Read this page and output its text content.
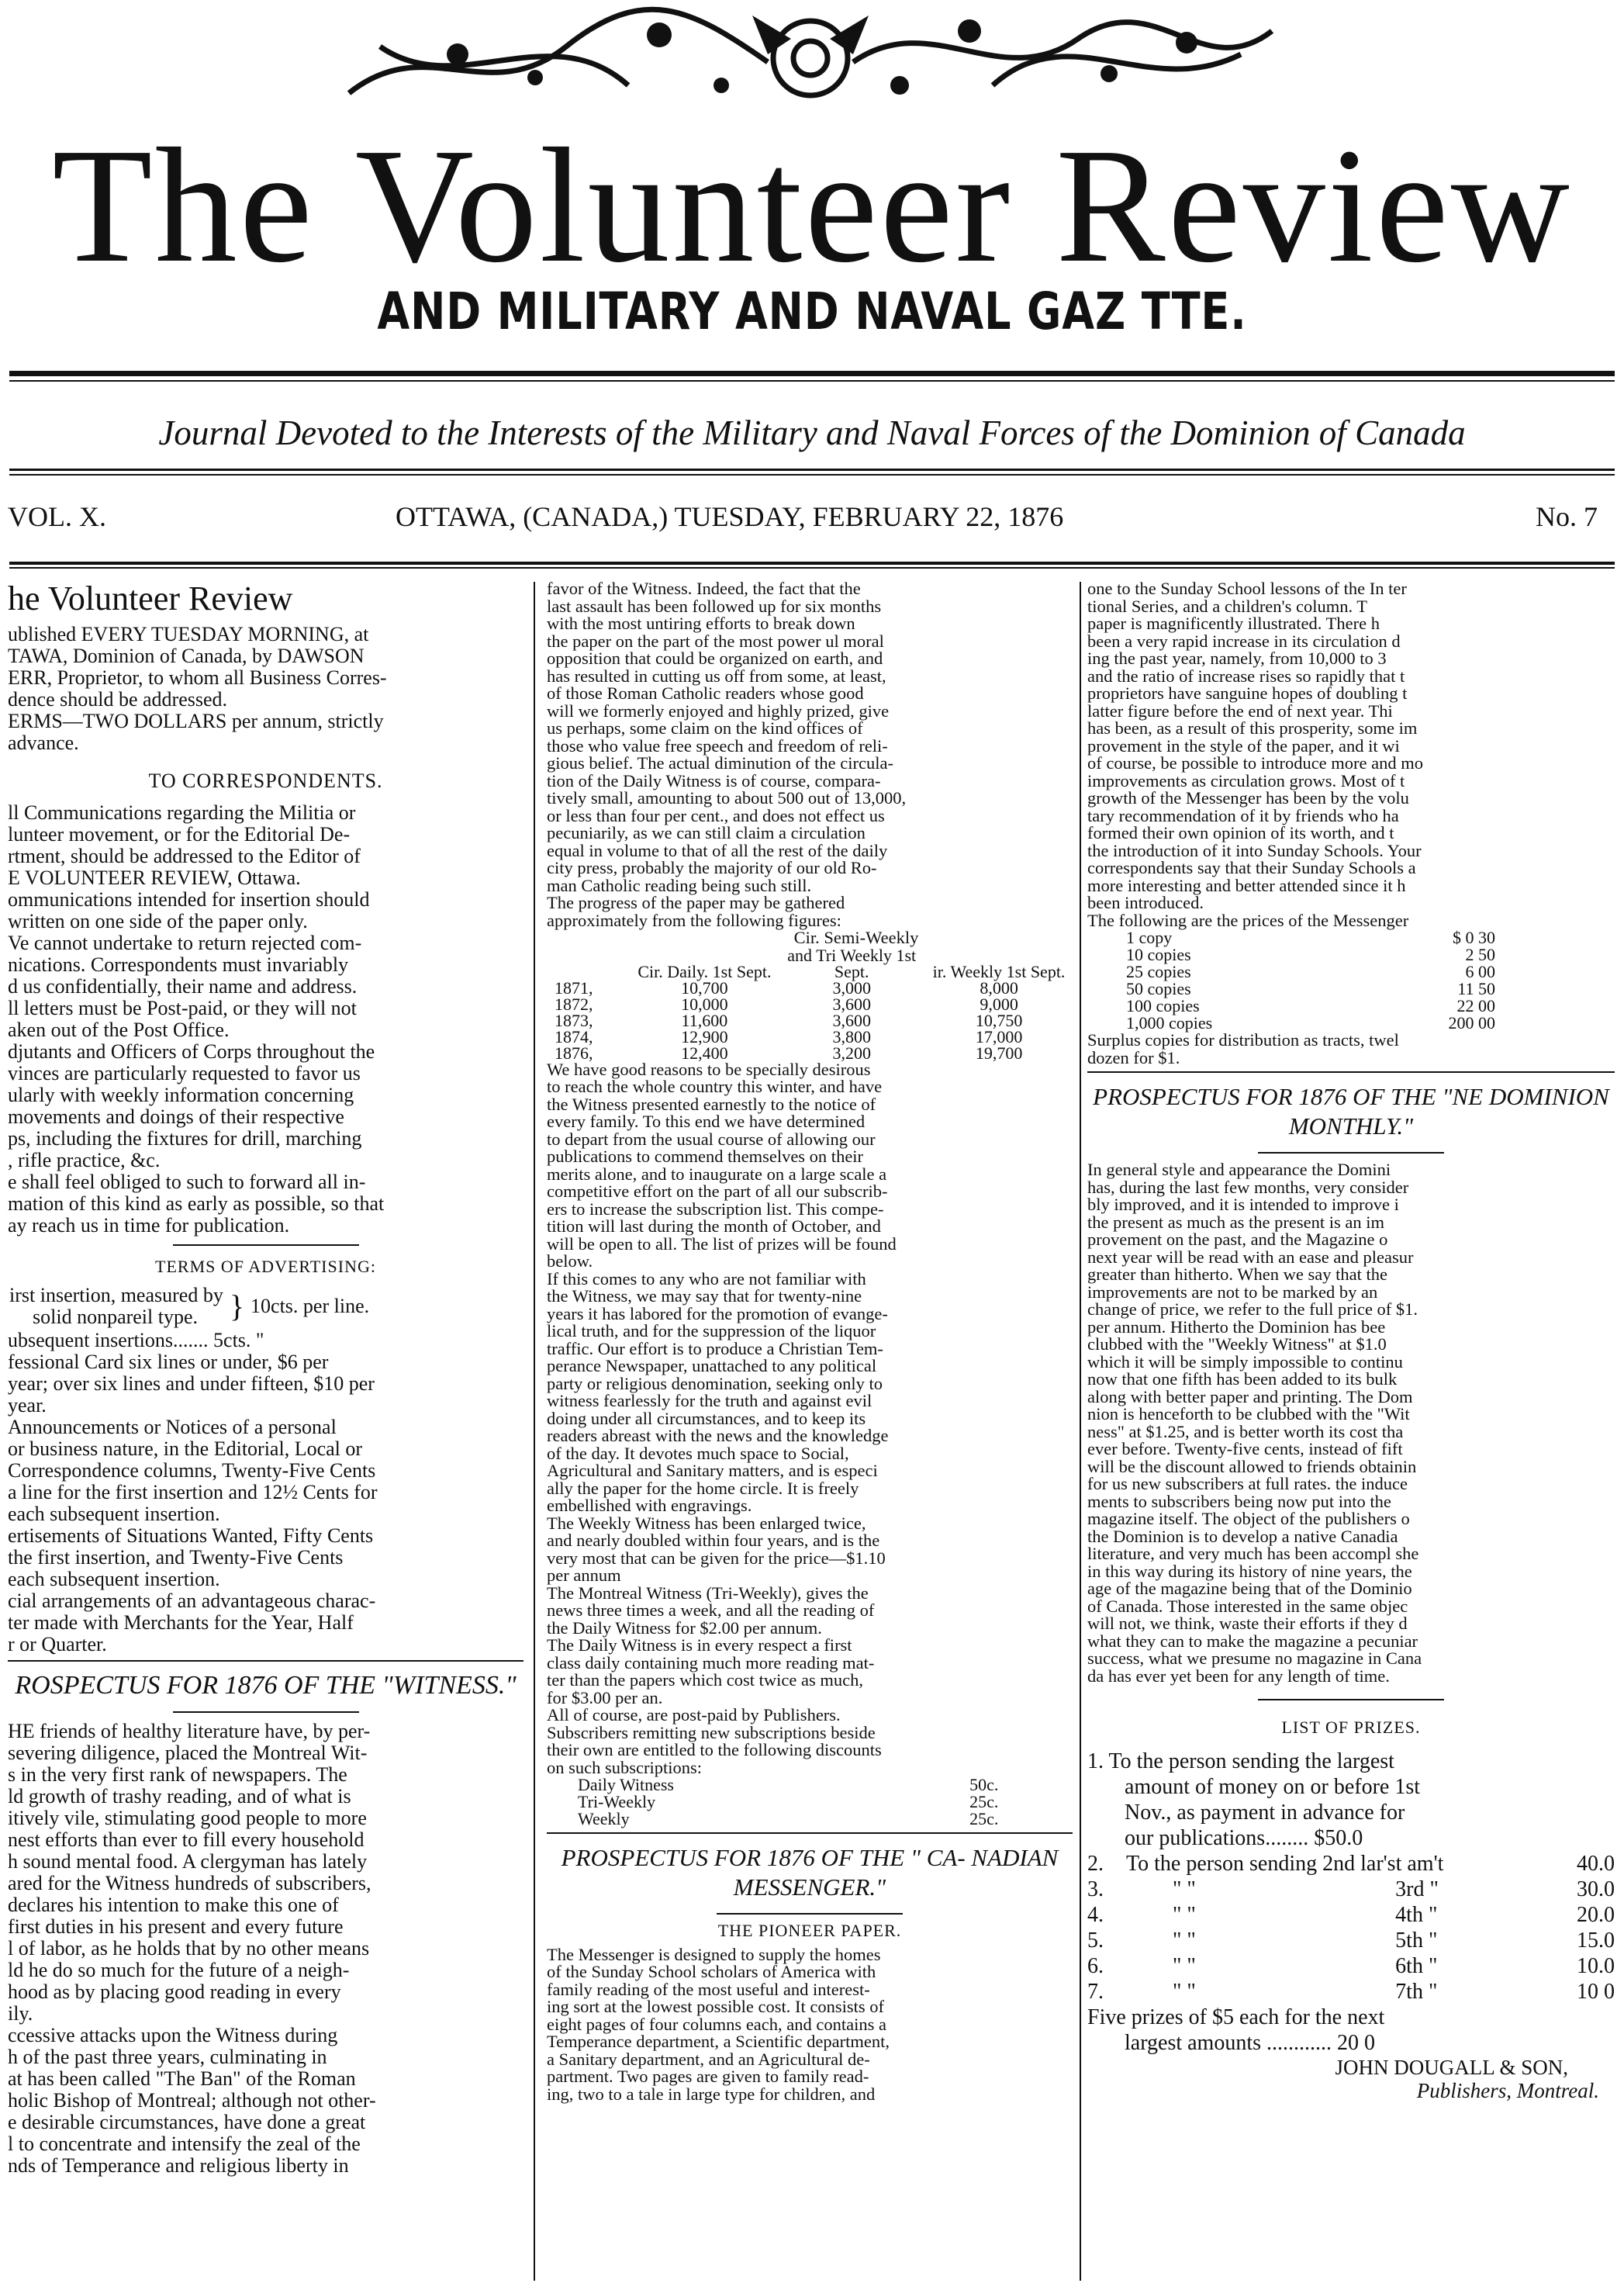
The Volunteer Review
AND MILITARY AND NAVAL GAZ TTE.
Journal Devoted to the Interests of the Military and Naval Forces of the Dominion of Canada
VOL. X.	OTTAWA, (CANADA,) TUESDAY, FEBRUARY 22, 1876	No. 7
he Volunteer Review
ublished EVERY TUESDAY MORNING, at
TAWA, Dominion of Canada, by DAWSON
ERR, Proprietor, to whom all Business Corres-
dence should be addressed.
ERMS—TWO DOLLARS per annum, strictly
advance.
TO CORRESPONDENTS.
ll Communications regarding the Militia or
lunteer movement, or for the Editorial De-
rtment, should be addressed to the Editor of
E VOLUNTEER REVIEW, Ottawa.
ommunications intended for insertion should
written on one side of the paper only.
Ve cannot undertake to return rejected com-
nications. Correspondents must invariably
d us confidentially, their name and address.
ll letters must be Post-paid, or they will not
aken out of the Post Office.
djutants and Officers of Corps throughout the
vinces are particularly requested to favor us
ularly with weekly information concerning
movements and doings of their respective
ps, including the fixtures for drill, marching
, rifle practice, &c.
e shall feel obliged to such to forward all in-
mation of this kind as early as possible, so that
ay reach us in time for publication.
TERMS OF ADVERTISING:
irst insertion, measured by
solid nonpareil type.	}	10cts. per line.
ubsequent insertions....... 5cts. "
fessional Card six lines or under, $6 per
year; over six lines and under fifteen, $10 per
year.
Announcements or Notices of a personal
or business nature, in the Editorial, Local or
Correspondence columns, Twenty-Five Cents
a line for the first insertion and 12½ Cents for
each subsequent insertion.
ertisements of Situations Wanted, Fifty Cents
the first insertion, and Twenty-Five Cents
each subsequent insertion.
cial arrangements of an advantageous charac-
ter made with Merchants for the Year, Half
r or Quarter.
ROSPECTUS FOR 1876 OF THE "WITNESS."
HE friends of healthy literature have, by per-
severing diligence, placed the Montreal Wit-
s in the very first rank of newspapers. The
ld growth of trashy reading, and of what is
itively vile, stimulating good people to more
nest efforts than ever to fill every household
h sound mental food. A clergyman has lately
ared for the Witness hundreds of subscribers,
declares his intention to make this one of
first duties in his present and every future
l of labor, as he holds that by no other means
ld he do so much for the future of a neigh-
hood as by placing good reading in every
ily.
ccessive attacks upon the Witness during
h of the past three years, culminating in
at has been called "The Ban" of the Roman
holic Bishop of Montreal; although not other-
e desirable circumstances, have done a great
l to concentrate and intensify the zeal of the
nds of Temperance and religious liberty in
favor of the Witness. Indeed, the fact that the
last assault has been followed up for six months
with the most untiring efforts to break down
the paper on the part of the most power ul moral
opposition that could be organized on earth, and
has resulted in cutting us off from some, at least,
of those Roman Catholic readers whose good
will we formerly enjoyed and highly prized, give
us perhaps, some claim on the kind offices of
those who value free speech and freedom of reli-
gious belief. The actual diminution of the circula-
tion of the Daily Witness is of course, compara-
tively small, amounting to about 500 out of 13,000,
or less than four per cent., and does not effect us
pecuniarily, as we can still claim a circulation
equal in volume to that of all the rest of the daily
city press, probably the majority of our old Ro-
man Catholic reading being such still.
The progress of the paper may be gathered
approximately from the following figures:
Cir. Semi-Weekly
	Cir. Daily. 1st Sept.	and Tri Weekly 1st Sept.	ir. Weekly 1st Sept.
1871,	10,700	3,000	8,000
1872,	10,000	3,600	9,000
1873,	11,600	3,600	10,750
1874,	12,900	3,800	17,000
1876,	12,400	3,200	19,700
We have good reasons to be specially desirous
to reach the whole country this winter, and have
the Witness presented earnestly to the notice of
every family. To this end we have determined
to depart from the usual course of allowing our
publications to commend themselves on their
merits alone, and to inaugurate on a large scale a
competitive effort on the part of all our subscrib-
ers to increase the subscription list. This compe-
tition will last during the month of October, and
will be open to all. The list of prizes will be found
below.
If this comes to any who are not familiar with
the Witness, we may say that for twenty-nine
years it has labored for the promotion of evange-
lical truth, and for the suppression of the liquor
traffic. Our effort is to produce a Christian Tem-
perance Newspaper, unattached to any political
party or religious denomination, seeking only to
witness fearlessly for the truth and against evil
doing under all circumstances, and to keep its
readers abreast with the news and the knowledge
of the day. It devotes much space to Social,
Agricultural and Sanitary matters, and is especi
ally the paper for the home circle. It is freely
embellished with engravings.
The Weekly Witness has been enlarged twice,
and nearly doubled within four years, and is the
very most that can be given for the price—$1.10
per annum
The Montreal Witness (Tri-Weekly), gives the
news three times a week, and all the reading of
the Daily Witness for $2.00 per annum.
The Daily Witness is in every respect a first
class daily containing much more reading mat-
ter than the papers which cost twice as much,
for $3.00 per an.
All of course, are post-paid by Publishers.
Subscribers remitting new subscriptions beside
their own are entitled to the following discounts
on such subscriptions:
Daily Witness	50c.
Tri-Weekly	25c.
Weekly	25c.
PROSPECTUS FOR 1876 OF THE " CA- NADIAN MESSENGER."
THE PIONEER PAPER.
The Messenger is designed to supply the homes
of the Sunday School scholars of America with
family reading of the most useful and interest-
ing sort at the lowest possible cost. It consists of
eight pages of four columns each, and contains a
Temperance department, a Scientific department,
a Sanitary department, and an Agricultural de-
partment. Two pages are given to family read-
ing, two to a tale in large type for children, and
one to the Sunday School lessons of the In ter
tional Series, and a children's column. T
paper is magnificently illustrated. There h
been a very rapid increase in its circulation d
ing the past year, namely, from 10,000 to 3
and the ratio of increase rises so rapidly that t
proprietors have sanguine hopes of doubling t
latter figure before the end of next year. Thi
has been, as a result of this prosperity, some im
provement in the style of the paper, and it wi
of course, be possible to introduce more and mo
improvements as circulation grows. Most of t
growth of the Messenger has been by the volu
tary recommendation of it by friends who ha
formed their own opinion of its worth, and t
the introduction of it into Sunday Schools. Your
correspondents say that their Sunday Schools a
more interesting and better attended since it h
been introduced.
The following are the prices of the Messenger
1 copy	$ 0 30
10 copies	2 50
25 copies	6 00
50 copies	11 50
100 copies	22 00
1,000 copies	200 00
Surplus copies for distribution as tracts, twel
dozen for $1.
PROSPECTUS FOR 1876 OF THE "NE DOMINION MONTHLY."
In general style and appearance the Domini
has, during the last few months, very consider
bly improved, and it is intended to improve i
the present as much as the present is an im
provement on the past, and the Magazine o
next year will be read with an ease and pleasur
greater than hitherto. When we say that the
improvements are not to be marked by an
change of price, we refer to the full price of $1.
per annum. Hitherto the Dominion has bee
clubbed with the "Weekly Witness" at $1.0
which it will be simply impossible to continu
now that one fifth has been added to its bulk
along with better paper and printing. The Dom
nion is henceforth to be clubbed with the "Wit
ness" at $1.25, and is better worth its cost tha
ever before. Twenty-five cents, instead of fift
will be the discount allowed to friends obtainin
for us new subscribers at full rates. the induce
ments to subscribers being now put into the
magazine itself. The object of the publishers o
the Dominion is to develop a native Canadia
literature, and very much has been accompl she
in this way during its history of nine years, the
age of the magazine being that of the Dominio
of Canada. Those interested in the same objec
will not, we think, waste their efforts if they d
what they can to make the magazine a pecuniar
success, what we presume no magazine in Cana
da has ever yet been for any length of time.
LIST OF PRIZES.
1. To the person sending the largest
amount of money on or before 1st
Nov., as payment in advance for
our publications........ $50.0
2.	To the person sending 2nd lar'st am't		40.0
3.	" "	3rd "	30.0
4.	" "	4th "	20.0
5.	" "	5th "	15.0
6.	" "	6th "	10.0
7.	" "	7th "	10 0
Five prizes of $5 each for the next
largest amounts ............ 20 0
JOHN DOUGALL & SON,
Publishers, Montreal.
